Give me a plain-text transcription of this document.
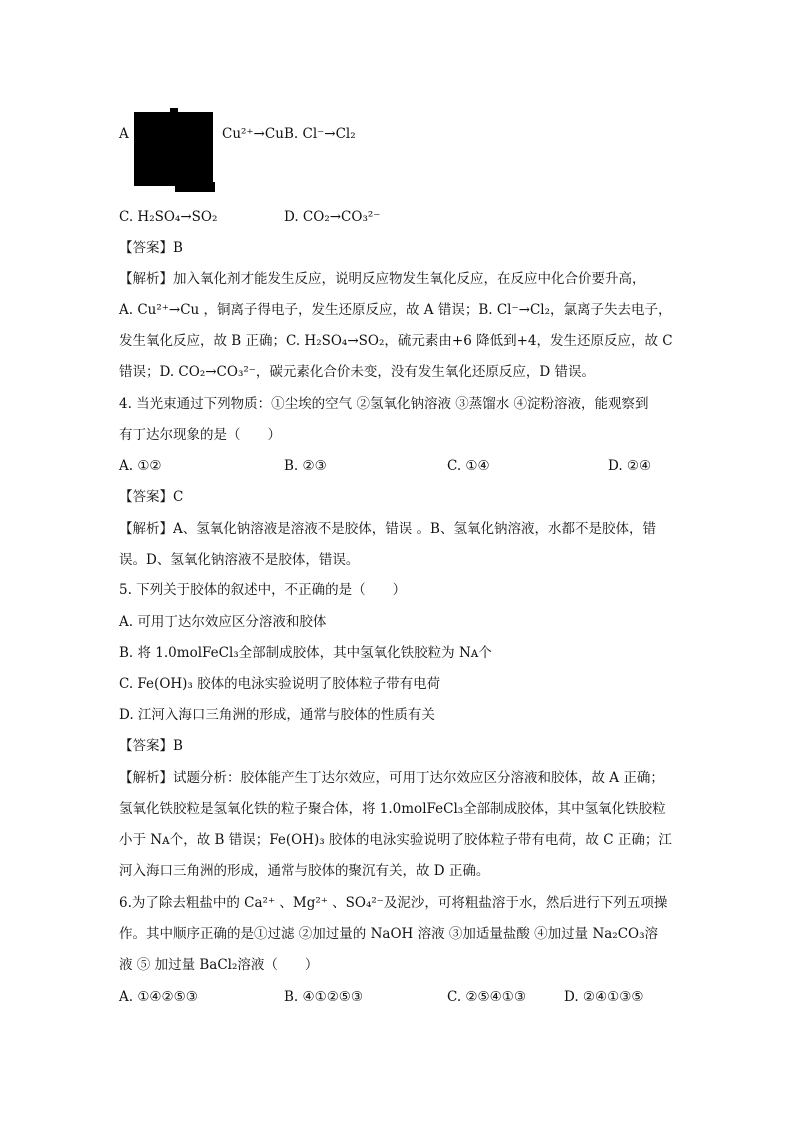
A	Cu²⁺→Cu B. Cl⁻→Cl₂
C. H₂SO₄→SO₂	D. CO₂→CO₃²⁻
【答案】B
【解析】加入氧化剂才能发生反应，说明反应物发生氧化反应，在反应中化合价要升高，
A. Cu²⁺→Cu ，铜离子得电子，发生还原反应，故 A 错误；B. Cl⁻→Cl₂，氯离子失去电子，
发生氧化反应，故 B 正确；C. H₂SO₄→SO₂，硫元素由+6 降低到+4，发生还原反应，故 C
错误；D. CO₂→CO₃²⁻，碳元素化合价未变，没有发生氧化还原反应，D 错误。
4. 当光束通过下列物质：①尘埃的空气 ②氢氧化钠溶液 ③蒸馏水 ④淀粉溶液，能观察到
有丁达尔现象的是（　　）
A. ①②	B. ②③	C. ①④	D. ②④
【答案】C
【解析】A、氢氧化钠溶液是溶液不是胶体，错误 。B、氢氧化钠溶液，水都不是胶体，错
误。D、氢氧化钠溶液不是胶体，错误。
5. 下列关于胶体的叙述中，不正确的是（　　）
A. 可用丁达尔效应区分溶液和胶体
B. 将 1.0molFeCl₃全部制成胶体，其中氢氧化铁胶粒为 Nᴀ个
C. Fe(OH)₃ 胶体的电泳实验说明了胶体粒子带有电荷
D. 江河入海口三角洲的形成，通常与胶体的性质有关
【答案】B
【解析】试题分析：胶体能产生丁达尔效应，可用丁达尔效应区分溶液和胶体，故 A 正确；
氢氧化铁胶粒是氢氧化铁的粒子聚合体，将 1.0molFeCl₃全部制成胶体，其中氢氧化铁胶粒
小于 Nᴀ个，故 B 错误；Fe(OH)₃ 胶体的电泳实验说明了胶体粒子带有电荷，故 C 正确；江
河入海口三角洲的形成，通常与胶体的聚沉有关，故 D 正确。
6.为了除去粗盐中的 Ca²⁺ 、Mg²⁺ 、SO₄²⁻及泥沙，可将粗盐溶于水，然后进行下列五项操
作。其中顺序正确的是①过滤 ②加过量的 NaOH 溶液 ③加适量盐酸 ④加过量 Na₂CO₃溶
液 ⑤ 加过量 BaCl₂溶液（　　）
A. ①④②⑤③	B. ④①②⑤③	C. ②⑤④①③	D. ②④①③⑤
